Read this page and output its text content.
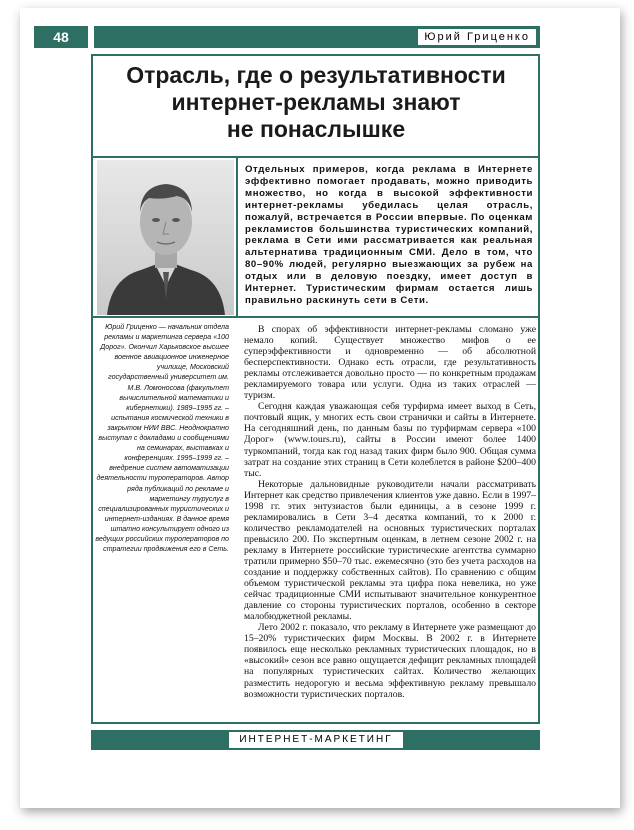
48	Юрий Гриценко
Отрасль, где о результативности
интернет-рекламы знают
не понаслышке

Отдельных примеров, когда реклама в Интернете эффективно помогает продавать, можно приводить множество, но когда в высокой эффективности интернет-рекламы убедилась целая отрасль, пожалуй, встречается в России впервые. По оценкам рекламистов большинства туристических компаний, реклама в Сети ими рассматривается как реальная альтернатива традиционным СМИ. Дело в том, что 80–90% людей, регулярно выезжающих за рубеж на отдых или в деловую поездку, имеет доступ в Интернет. Туристическим фирмам остается лишь правильно раскинуть сети в Сети.

Юрий Гриценко — начальник отдела рекламы и маркетинга сервера «100 Дорог». Окончил Харьковское высшее военное авиационное инженерное училище, Московский государственный университет им. М.В. Ломоносова (факультет вычислительной математики и кибернетики). 1989–1995 гг. – испытания космической техники в закрытом НИИ ВВС. Неоднократно выступал с докладами и сообщениями на семинарах, выставках и конференциях. 1995–1999 гг. – внедрение систем автоматизации деятельности туроператоров. Автор ряда публикаций по рекламе и маркетингу туруслуг в специализированных туристических и интернет-изданиях. В данное время штатно консультирует одного из ведущих российских туроператоров по стратегии продвижения его в Сеть.

В спорах об эффективности интернет-рекламы сломано уже немало копий. Существует множество мифов о ее суперэффективности и одновременно — об абсолютной бесперспективности. Однако есть отрасли, где результативность рекламы отслеживается довольно просто — по конкретным продажам рекламируемого товара или услуги. Одна из таких отраслей — туризм.

Сегодня каждая уважающая себя турфирма имеет выход в Сеть, почтовый ящик, у многих есть свои странички и сайты в Интернете. На сегодняшний день, по данным базы по турфирмам сервера «100 Дорог» (www.tours.ru), сайты в России имеют более 1400 туркомпаний, тогда как год назад таких фирм было 900. Общая сумма затрат на создание этих страниц в Сети колеблется в районе $200–400 тыс.

Некоторые дальновидные руководители начали рассматривать Интернет как средство привлечения клиентов уже давно. Если в 1997–1998 гг. этих энтузиастов были единицы, а в сезоне 1999 г. рекламировались в Сети 3–4 десятка компаний, то к 2000 г. количество рекламодателей на основных туристических порталах превысило 200. По экспертным оценкам, в летнем сезоне 2002 г. на рекламу в Интернете российские туристические агентства суммарно тратили примерно $50–70 тыс. ежемесячно (это без учета расходов на создание и поддержку собственных сайтов). По сравнению с общим объемом туристической рекламы эта цифра пока невелика, но уже сейчас традиционные СМИ испытывают значительное конкурентное давление со стороны туристических порталов, особенно в секторе малобюджетной рекламы.

Лето 2002 г. показало, что рекламу в Интернете уже размещают до 15–20% туристических фирм Москвы. В 2002 г. в Интернете появилось еще несколько рекламных туристических площадок, но в «высокий» сезон все равно ощущается дефицит рекламных площадей на популярных туристических сайтах. Количество желающих разместить недорогую и весьма эффективную рекламу превышало возможности туристических порталов.

ИНТЕРНЕТ-МАРКЕТИНГ
